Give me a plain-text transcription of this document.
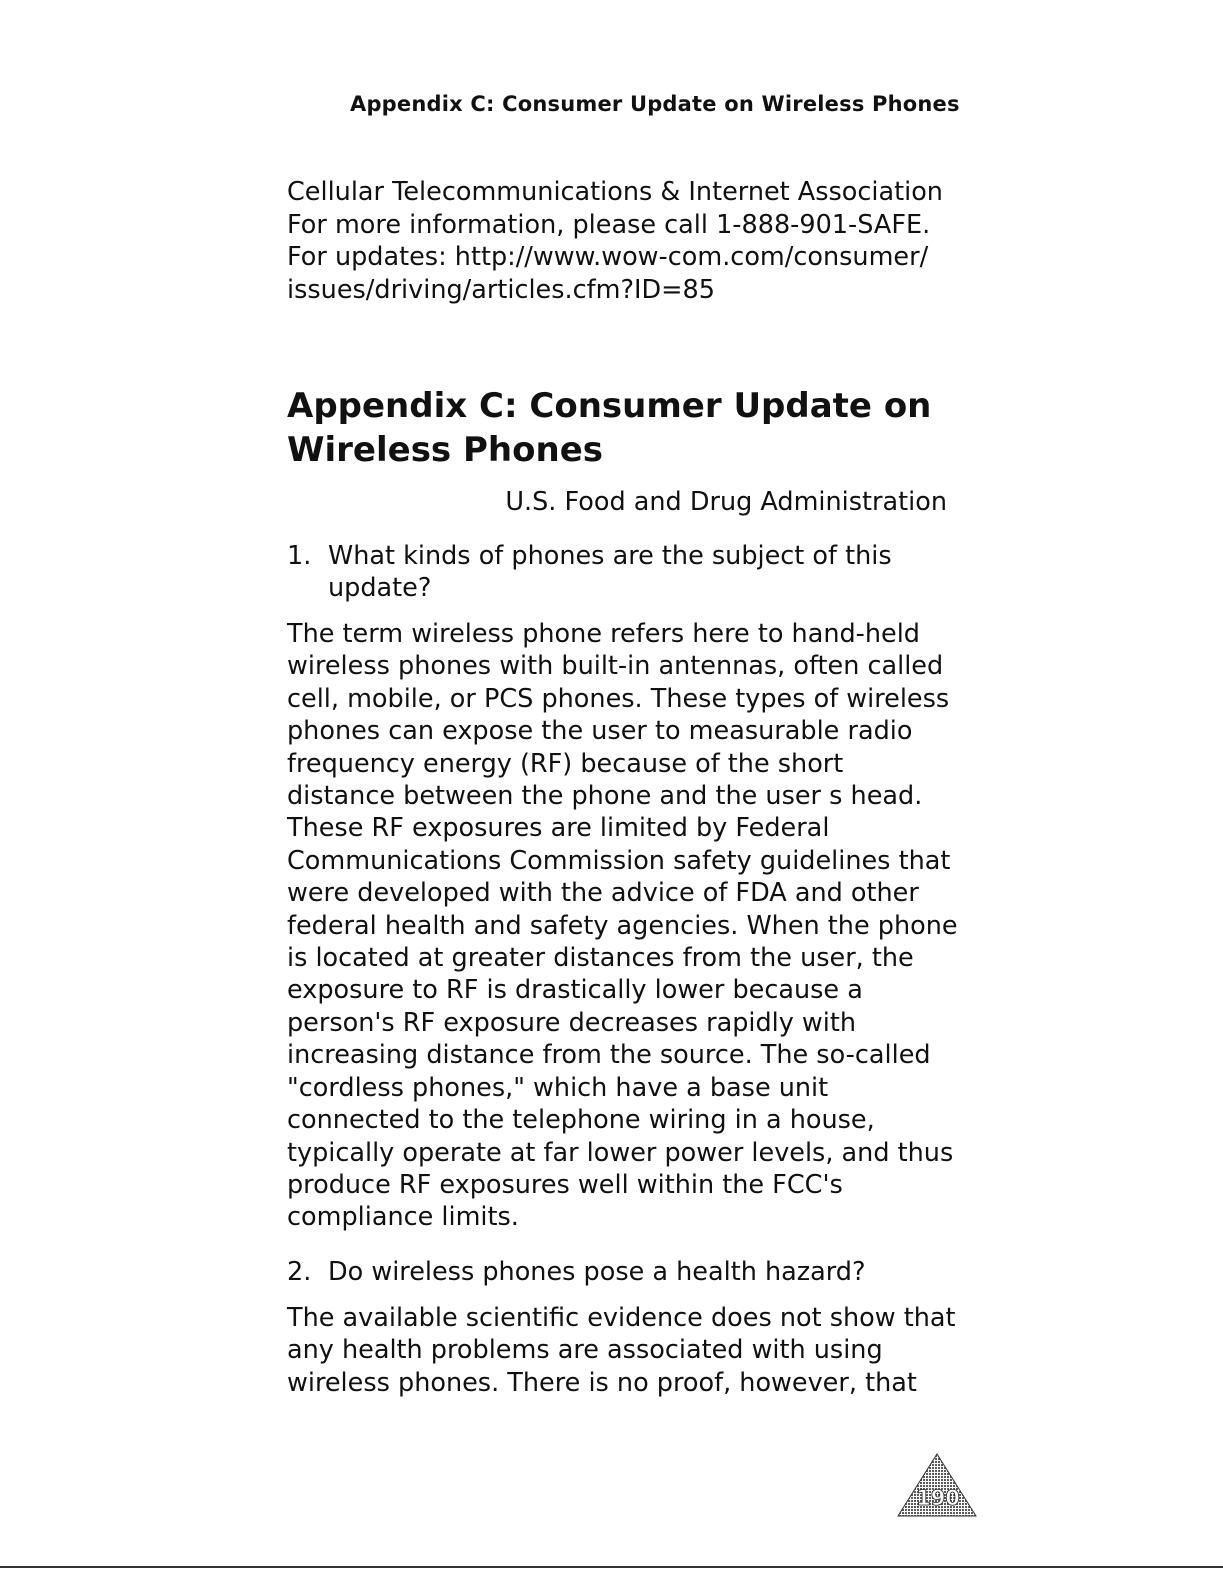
Appendix C: Consumer Update on Wireless Phones
Cellular Telecommunications & Internet Association
For more information, please call 1-888-901-SAFE.
For updates: http://www.wow-com.com/consumer/
issues/driving/articles.cfm?ID=85
Appendix C: Consumer Update on
Wireless Phones
U.S. Food and Drug Administration
1. What kinds of phones are the subject of this
update?
The term wireless phone refers here to hand-held
wireless phones with built-in antennas, often called
cell, mobile, or PCS phones. These types of wireless
phones can expose the user to measurable radio
frequency energy (RF) because of the short
distance between the phone and the user s head.
These RF exposures are limited by Federal
Communications Commission safety guidelines that
were developed with the advice of FDA and other
federal health and safety agencies. When the phone
is located at greater distances from the user, the
exposure to RF is drastically lower because a
person's RF exposure decreases rapidly with
increasing distance from the source. The so-called
"cordless phones," which have a base unit
connected to the telephone wiring in a house,
typically operate at far lower power levels, and thus
produce RF exposures well within the FCC's
compliance limits.
2. Do wireless phones pose a health hazard?
The available scientific evidence does not show that
any health problems are associated with using
wireless phones. There is no proof, however, that
190
